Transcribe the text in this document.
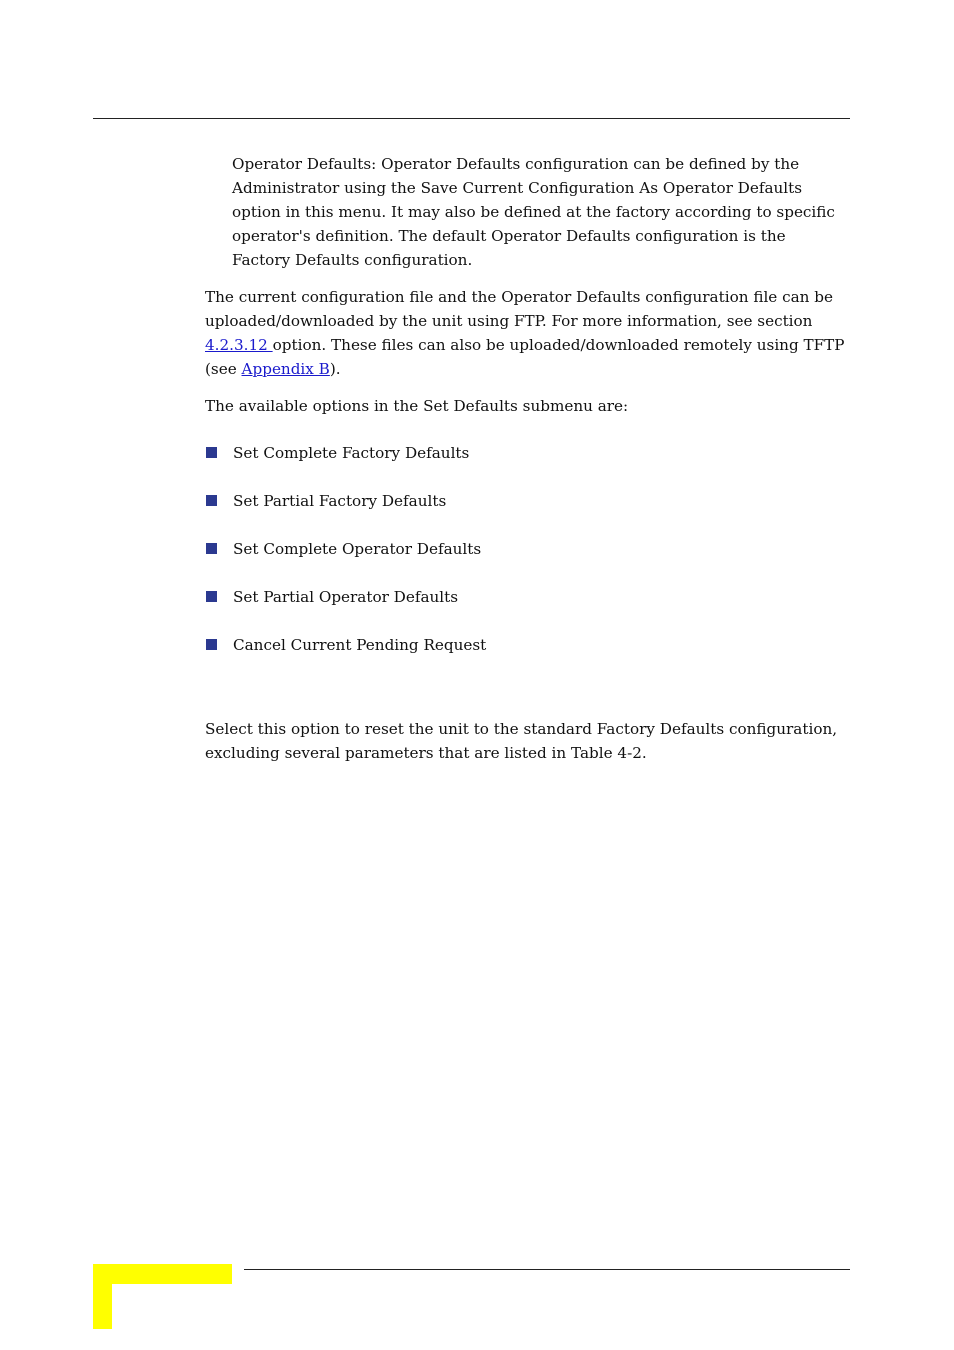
Operator Defaults: Operator Defaults configuration can be defined by the Administrator using the Save Current Configuration As Operator Defaults option in this menu. It may also be defined at the factory according to specific operator's definition. The default Operator Defaults configuration is the Factory Defaults configuration.

The current configuration file and the Operator Defaults configuration file can be uploaded/downloaded by the unit using FTP. For more information, see section 4.2.3.12 option. These files can also be uploaded/downloaded remotely using TFTP (see Appendix B).

The available options in the Set Defaults submenu are:

Set Complete Factory Defaults
Set Partial Factory Defaults
Set Complete Operator Defaults
Set Partial Operator Defaults
Cancel Current Pending Request

Select this option to reset the unit to the standard Factory Defaults configuration, excluding several parameters that are listed in Table 4-2.
